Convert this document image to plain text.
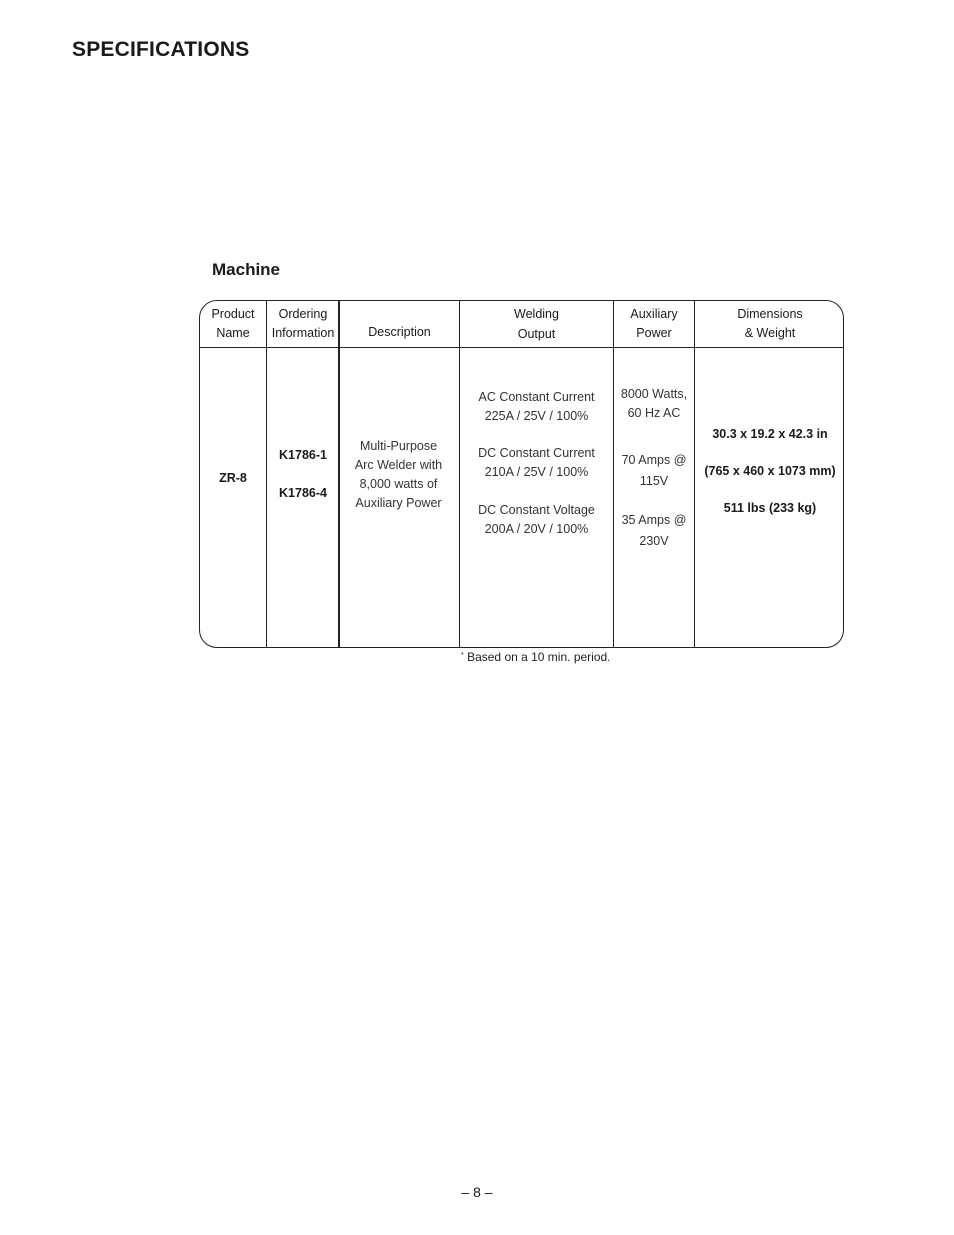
SPECIFICATIONS
Machine
Product
Name
Ordering
Information	Description
Welding
Output
Auxiliary
Power
Dimensions
& Weight
ZR-8
K1786-1
K1786-4
Multi-Purpose
Arc Welder with
8,000 watts of
Auxiliary Power
AC Constant Current
225A / 25V / 100%
DC Constant Current
210A / 25V / 100%
DC Constant Voltage
200A / 20V / 100%
8000 Watts,
60 Hz AC
70 Amps @
115V
35 Amps @
230V
30.3 x 19.2 x 42.3 in
(765 x 460 x 1073 mm)
511 lbs (233 kg)
* Based on a 10 min. period.
– 8 –
